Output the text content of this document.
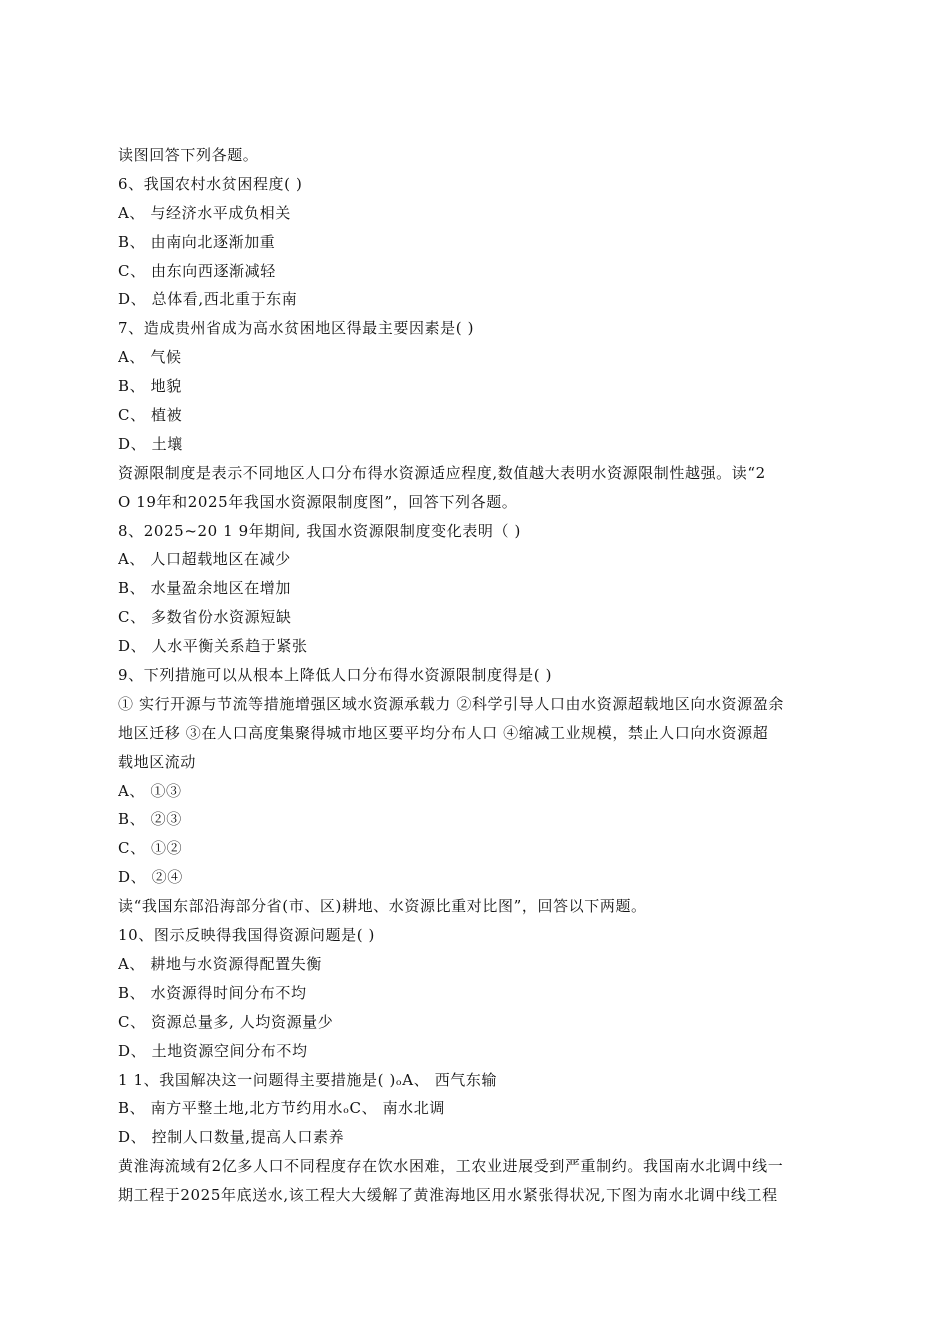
读图回答下列各题。
6、我国农村水贫困程度( )
A、 与经济水平成负相关
B、 由南向北逐渐加重
C、 由东向西逐渐减轻
D、 总体看,西北重于东南
7、造成贵州省成为高水贫困地区得最主要因素是( )
A、 气候
B、 地貌
C、 植被
D、 土壤
资源限制度是表示不同地区人口分布得水资源适应程度,数值越大表明水资源限制性越强。读“2
O 19年和2025年我国水资源限制度图”，回答下列各题。
8、2025~20 1 9年期间, 我国水资源限制度变化表明（ )
A、 人口超载地区在减少
B、 水量盈余地区在增加
C、 多数省份水资源短缺
D、 人水平衡关系趋于紧张
9、下列措施可以从根本上降低人口分布得水资源限制度得是( )
① 实行开源与节流等措施增强区域水资源承载力 ②科学引导人口由水资源超载地区向水资源盈余
地区迁移 ③在人口高度集聚得城市地区要平均分布人口 ④缩减工业规模，禁止人口向水资源超
载地区流动
A、 ①③
B、 ②③
C、 ①②
D、 ②④
读“我国东部沿海部分省(市、区)耕地、水资源比重对比图”，回答以下两题。
10、图示反映得我国得资源问题是( )
A、 耕地与水资源得配置失衡
B、 水资源得时间分布不均
C、 资源总量多, 人均资源量少
D、 土地资源空间分布不均
1 1、我国解决这一问题得主要措施是( )ₒA、 西气东输
B、 南方平整土地,北方节约用水ₒC、 南水北调
D、 控制人口数量,提高人口素养
黄淮海流域有2亿多人口不同程度存在饮水困难，工农业进展受到严重制约。我国南水北调中线一
期工程于2025年底送水,该工程大大缓解了黄淮海地区用水紧张得状况,下图为南水北调中线工程
